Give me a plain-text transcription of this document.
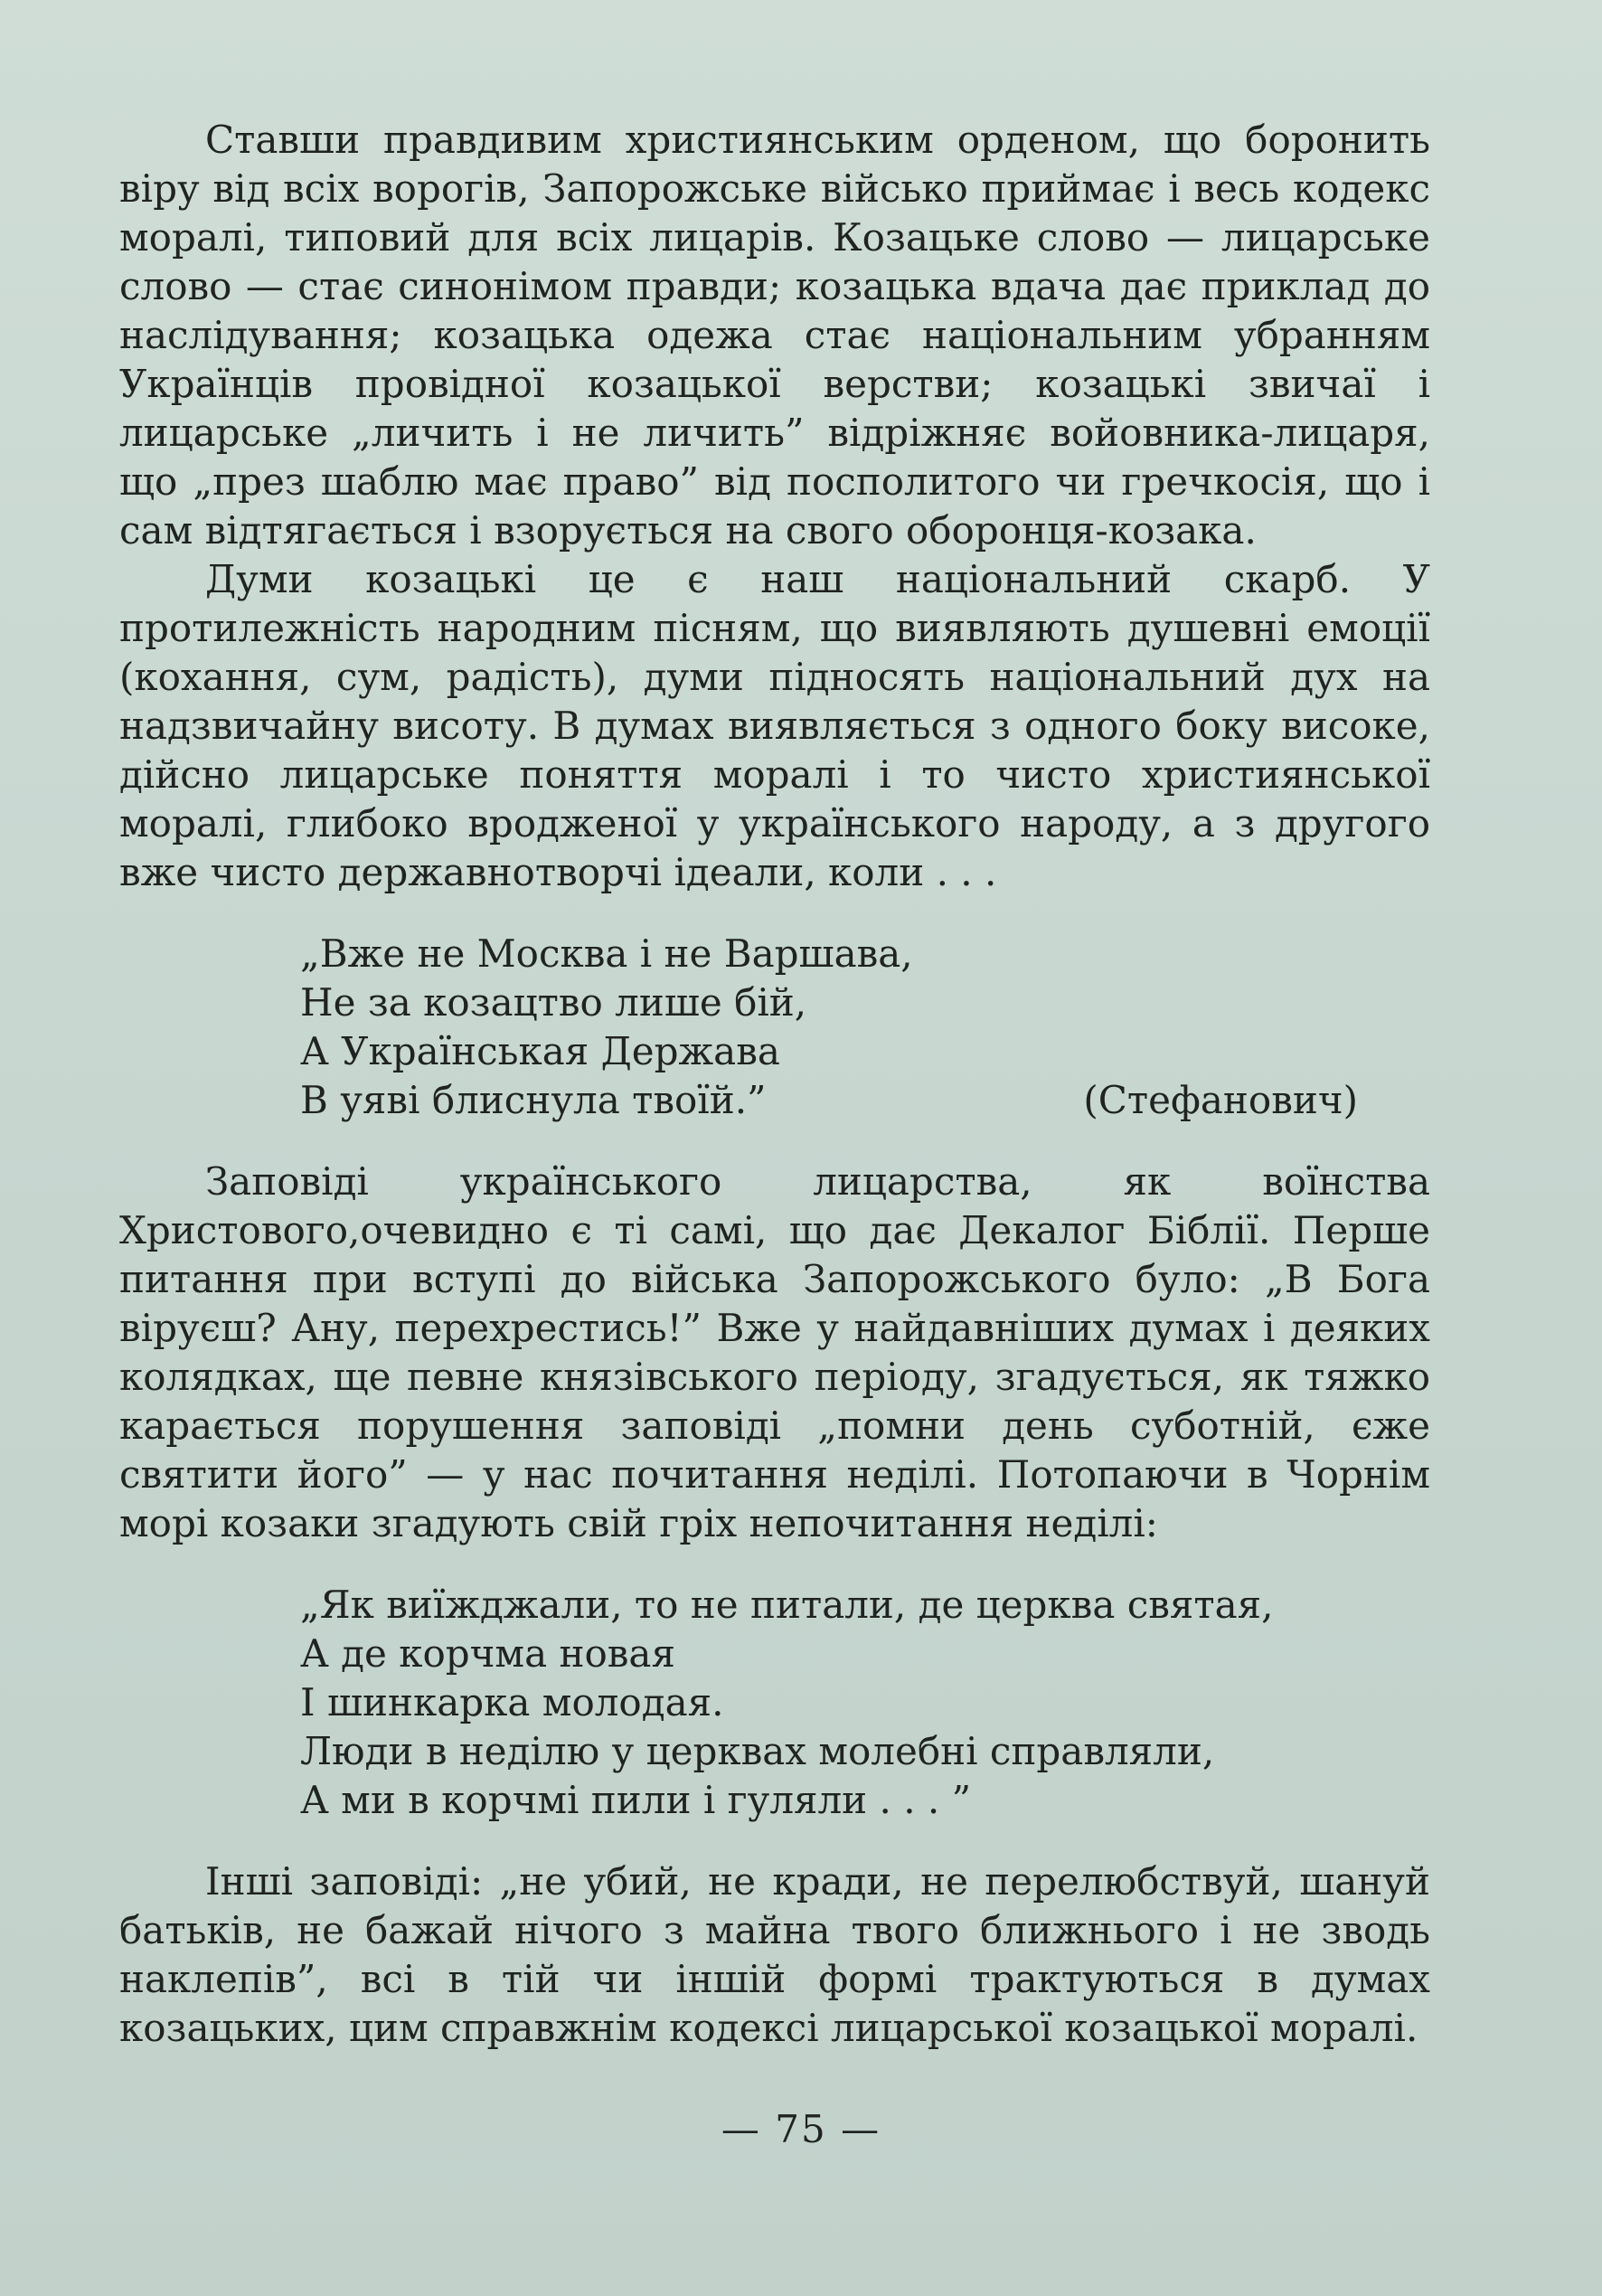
Ставши правдивим християнським орденом, що боронить віру від всіх ворогів, Запорожське військо приймає і весь кодекс моралі, типовий для всіх лицарів. Козацьке слово — лицарське слово — стає синонімом правди; козацька вдача дає приклад до наслідування; козацька одежа стає національним убранням Українців провідної козацької верстви; козацькі звичаї і лицарське „личить і не личить” відріжняє войовника-лицаря, що „през шаблю має право” від посполитого чи гречкосія, що і сам відтягається і взорується на свого оборонця-козака.

Думи козацькі це є наш національний скарб. У протилежність народним пісням, що виявляють душевні емоції (кохання, сум, радість), думи підносять національний дух на надзвичайну висоту. В думах виявляється з одного боку високе, дійсно лицарське поняття моралі і то чисто християнської моралі, глибоко вродженої у українського народу, а з другого вже чисто державнотворчі ідеали, коли . . .

„Вже не Москва і не Варшава,
Не за козацтво лише бій,
А Українськая Держава
В уяві блиснула твоїй.”	(Стефанович)

Заповіді українського лицарства, як воїнства Христового,очевидно є ті самі, що дає Декалог Біблії. Перше питання при вступі до війська Запорожського було: „В Бога віруєш? Ану, перехрестись!” Вже у найдавніших думах і деяких колядках, ще певне князівського періоду, згадується, як тяжко карається порушення заповіді „помни день суботній, єже святити його” — у нас почитання неділі. Потопаючи в Чорнім морі козаки згадують свій гріх непочитання неділі:

„Як виїжджали, то не питали, де церква святая,
А де корчма новая
І шинкарка молодая.
Люди в неділю у церквах молебні справляли,
А ми в корчмі пили і гуляли . . . ”

Інші заповіді: „не убий, не кради, не перелюбствуй, шануй батьків, не бажай нічого з майна твого ближнього і не зводь наклепів”, всі в тій чи іншій формі трактуються в думах козацьких, цим справжнім кодексі лицарської козацької моралі.

— 75 —
